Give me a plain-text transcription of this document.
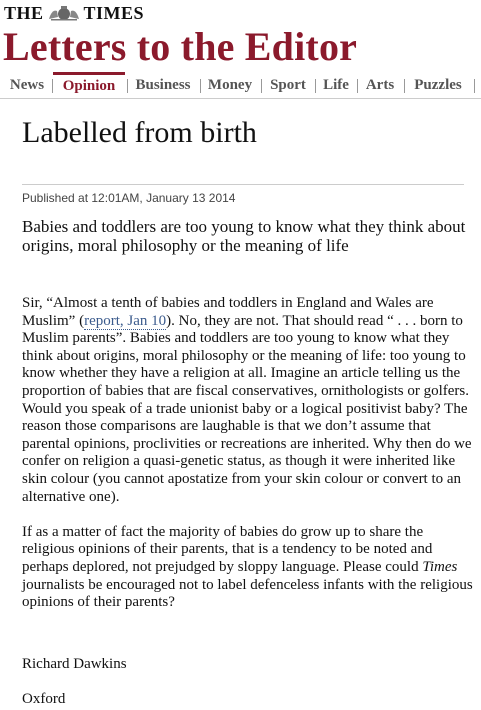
THE TIMES
Letters to the Editor
News	Opinion	Business	Money	Sport	Life	Arts	Puzzles
Labelled from birth
Published at 12:01AM, January 13 2014
Babies and toddlers are too young to know what they think about origins, moral philosophy or the meaning of life

Sir, “Almost a tenth of babies and toddlers in England and Wales are Muslim” (report, Jan 10). No, they are not. That should read “ . . . born to Muslim parents”. Babies and toddlers are too young to know what they think about origins, moral philosophy or the meaning of life: too young to know whether they have a religion at all. Imagine an article telling us the proportion of babies that are fiscal conservatives, ornithologists or golfers. Would you speak of a trade unionist baby or a logical positivist baby? The reason those comparisons are laughable is that we don’t assume that parental opinions, proclivities or recreations are inherited. Why then do we confer on religion a quasi-genetic status, as though it were inherited like skin colour (you cannot apostatize from your skin colour or convert to an alternative one).

If as a matter of fact the majority of babies do grow up to share the religious opinions of their parents, that is a tendency to be noted and perhaps deplored, not prejudged by sloppy language. Please could Times journalists be encouraged not to label defenceless infants with the religious opinions of their parents?

Richard Dawkins
Oxford
